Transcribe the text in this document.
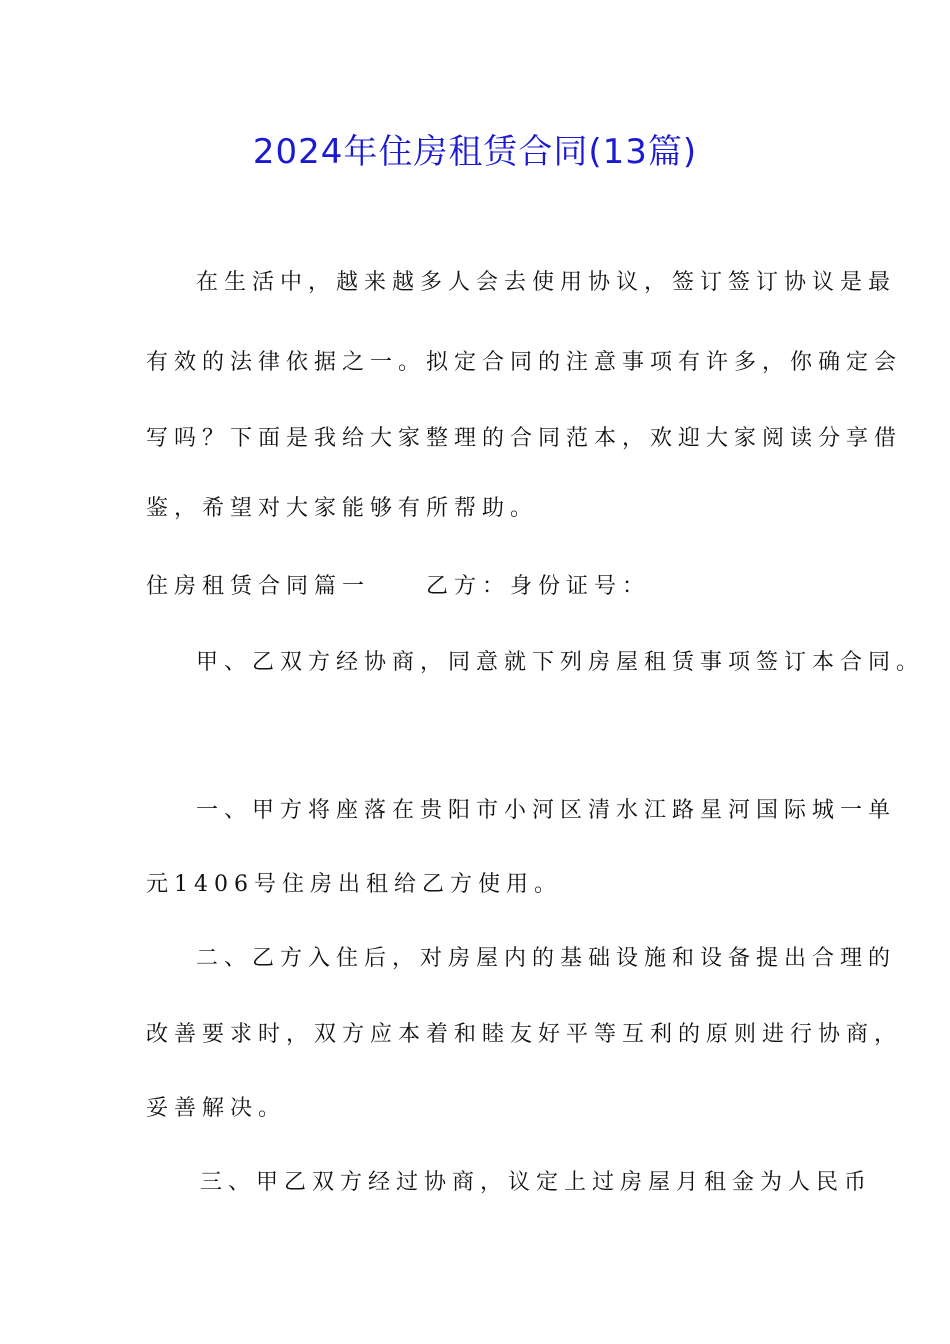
2024年住房租赁合同(13篇)
在生活中，越来越多人会去使用协议，签订签订协议是最
有效的法律依据之一。拟定合同的注意事项有许多，你确定会
写吗？下面是我给大家整理的合同范本，欢迎大家阅读分享借
鉴，希望对大家能够有所帮助。
住房租赁合同篇一　　乙方：身份证号：
甲、乙双方经协商，同意就下列房屋租赁事项签订本合同。
一、甲方将座落在贵阳市小河区清水江路星河国际城一单
元1406号住房出租给乙方使用。
二、乙方入住后，对房屋内的基础设施和设备提出合理的
改善要求时，双方应本着和睦友好平等互利的原则进行协商，
妥善解决。
三、甲乙双方经过协商，议定上过房屋月租金为人民币
